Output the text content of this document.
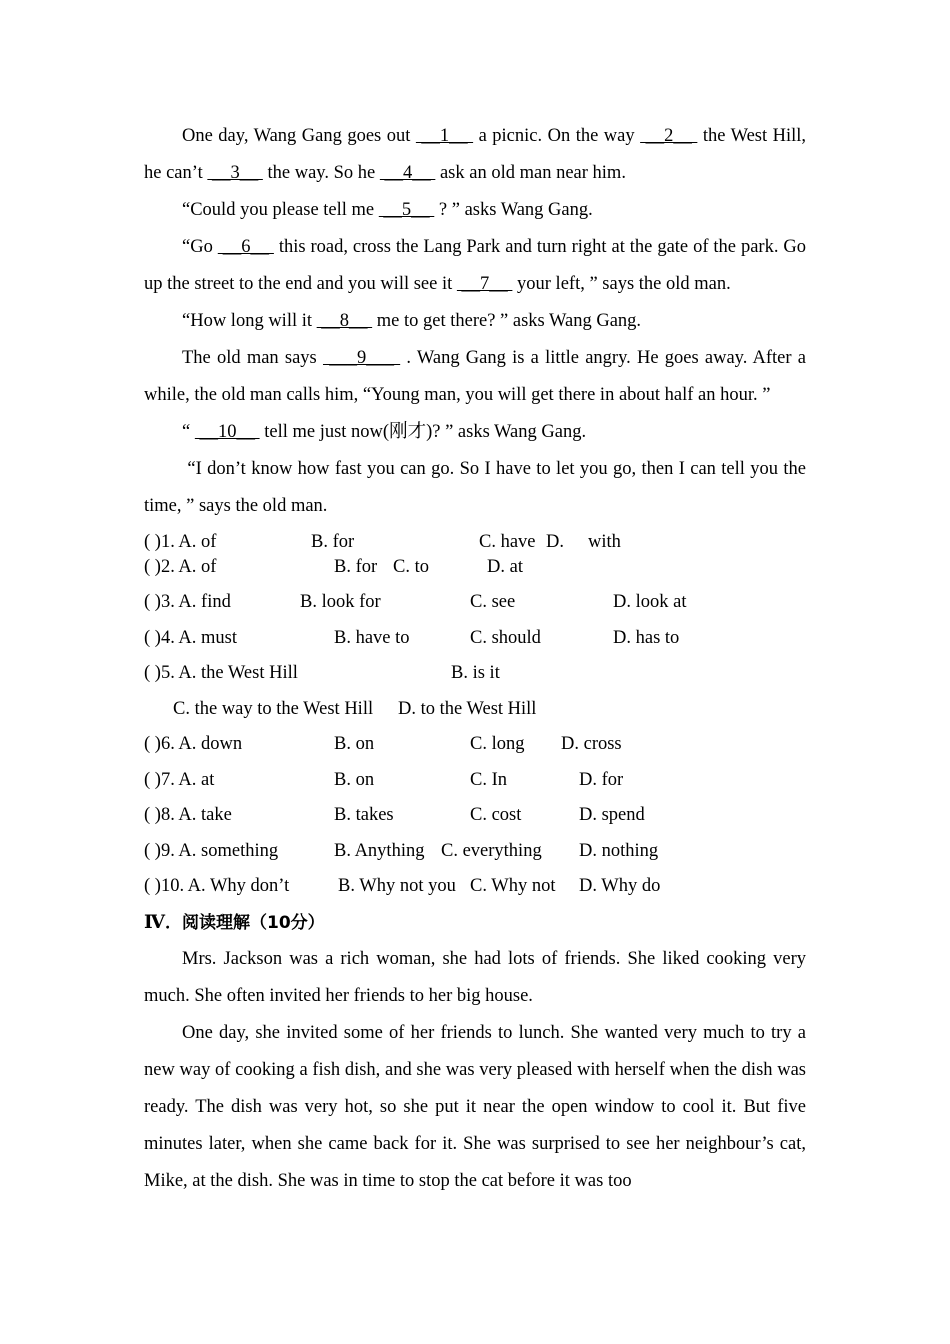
One day, Wang Gang goes out  __1__  a picnic. On the way  __2__  the West Hill, he can’t  __3__  the way. So he  __4__  ask an old man near him.

“Could you please tell me  __5__  ? ” asks Wang Gang.

“Go  __6__  this road, cross the Lang Park and turn right at the gate of the park. Go up the street to the end and you will see it  __7__  your left, ” says the old man.

“How long will it  __8__  me to get there? ” asks Wang Gang.

The old man says  ___9___  . Wang Gang is a little angry. He goes away. After a while, the old man calls him, “Young man, you will get there in about half an hour. ”

“  __10__  tell me just now(刚才)? ” asks Wang Gang.

“I don’t know how fast you can go. So I have to let you go, then I can tell you the time, ” says the old man.

( )1. A. of	B. for	C. have D. with
( )2. A. of	B. for C. to	D. at
( )3. A. find	B. look for	C. see	D. look at
( )4. A. must	B. have to	C. should	D. has to
( )5. A. the West Hill	B. is it
C. the way to the West Hill D. to the West Hill
( )6. A. down	B. on	C. long D. cross
( )7. A. at	B. on	C. In	D. for
( )8. A. take	B. takes	C. cost	D. spend
( )9. A. something	B. Anything C. everything D. nothing
( )10. A. Why don’t	B. Why not you C. Why not D. Why do
Ⅳ．阅读理解（10分）

Mrs. Jackson was a rich woman, she had lots of friends. She liked cooking very much. She often invited her friends to her big house.

One day, she invited some of her friends to lunch. She wanted very much to try a new way of cooking a fish dish, and she was very pleased with herself when the dish was ready. The dish was very hot, so she put it near the open window to cool it. But five minutes later, when she came back for it. She was surprised to see her neighbour’s cat, Mike, at the dish. She was in time to stop the cat before it was too
